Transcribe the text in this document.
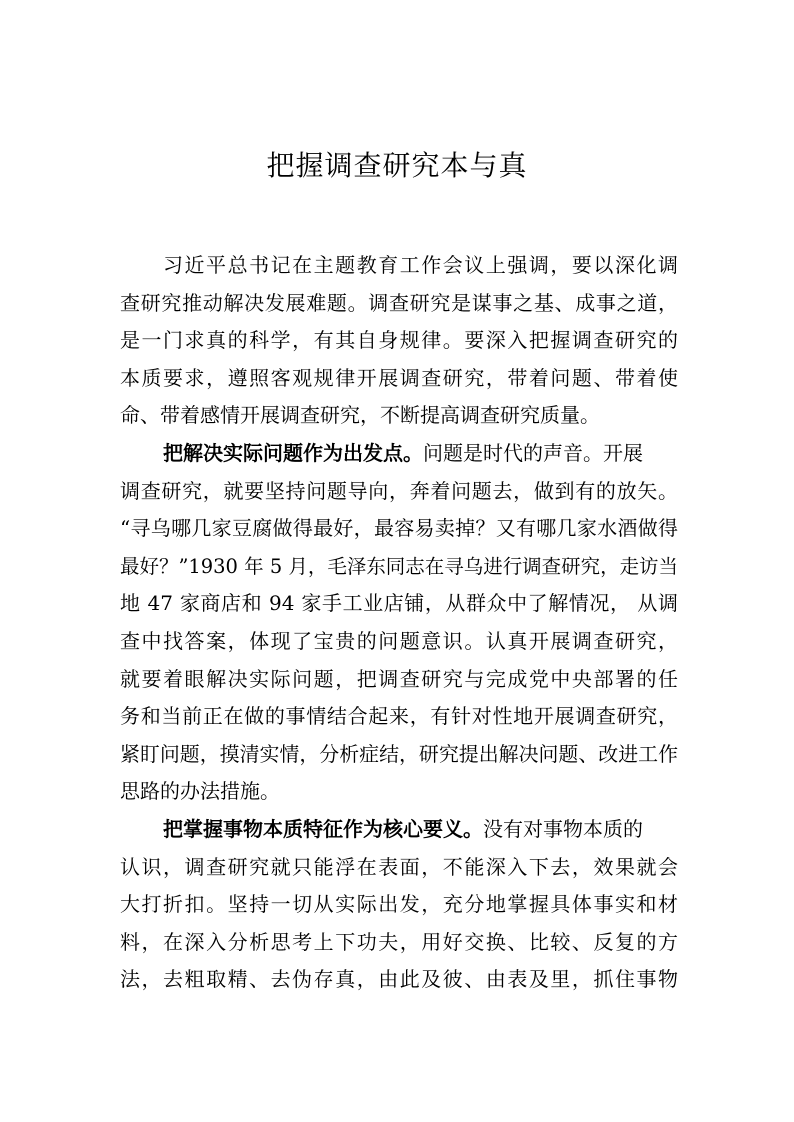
把握调查研究本与真
习近平总书记在主题教育工作会议上强调，要以深化调
查研究推动解决发展难题。调查研究是谋事之基、成事之道，
是一门求真的科学，有其自身规律。要深入把握调查研究的
本质要求，遵照客观规律开展调查研究，带着问题、带着使
命、带着感情开展调查研究，不断提高调查研究质量。
把解决实际问题作为出发点。 问题是时代的声音。开展
调查研究，就要坚持问题导向，奔着问题去，做到有的放矢。
“寻乌哪几家豆腐做得最好，最容易卖掉？又有哪几家水酒做得
最好？”1930 年 5 月，毛泽东同志在寻乌进行调查研究，走访当
地 47 家商店和 94 家手工业店铺，从群众中了解情况， 从调
查中找答案，体现了宝贵的问题意识。认真开展调查研究，
就要着眼解决实际问题，把调查研究与完成党中央部署的任
务和当前正在做的事情结合起来，有针对性地开展调查研究，
紧盯问题，摸清实情，分析症结，研究提出解决问题、改进工作
思路的办法措施。
把掌握事物本质特征作为核心要义。 没有对事物本质的
认识，调查研究就只能浮在表面，不能深入下去，效果就会
大打折扣。坚持一切从实际出发，充分地掌握具体事实和材
料，在深入分析思考上下功夫，用好交换、比较、反复的方
法，去粗取精、去伪存真，由此及彼、由表及里，抓住事物
